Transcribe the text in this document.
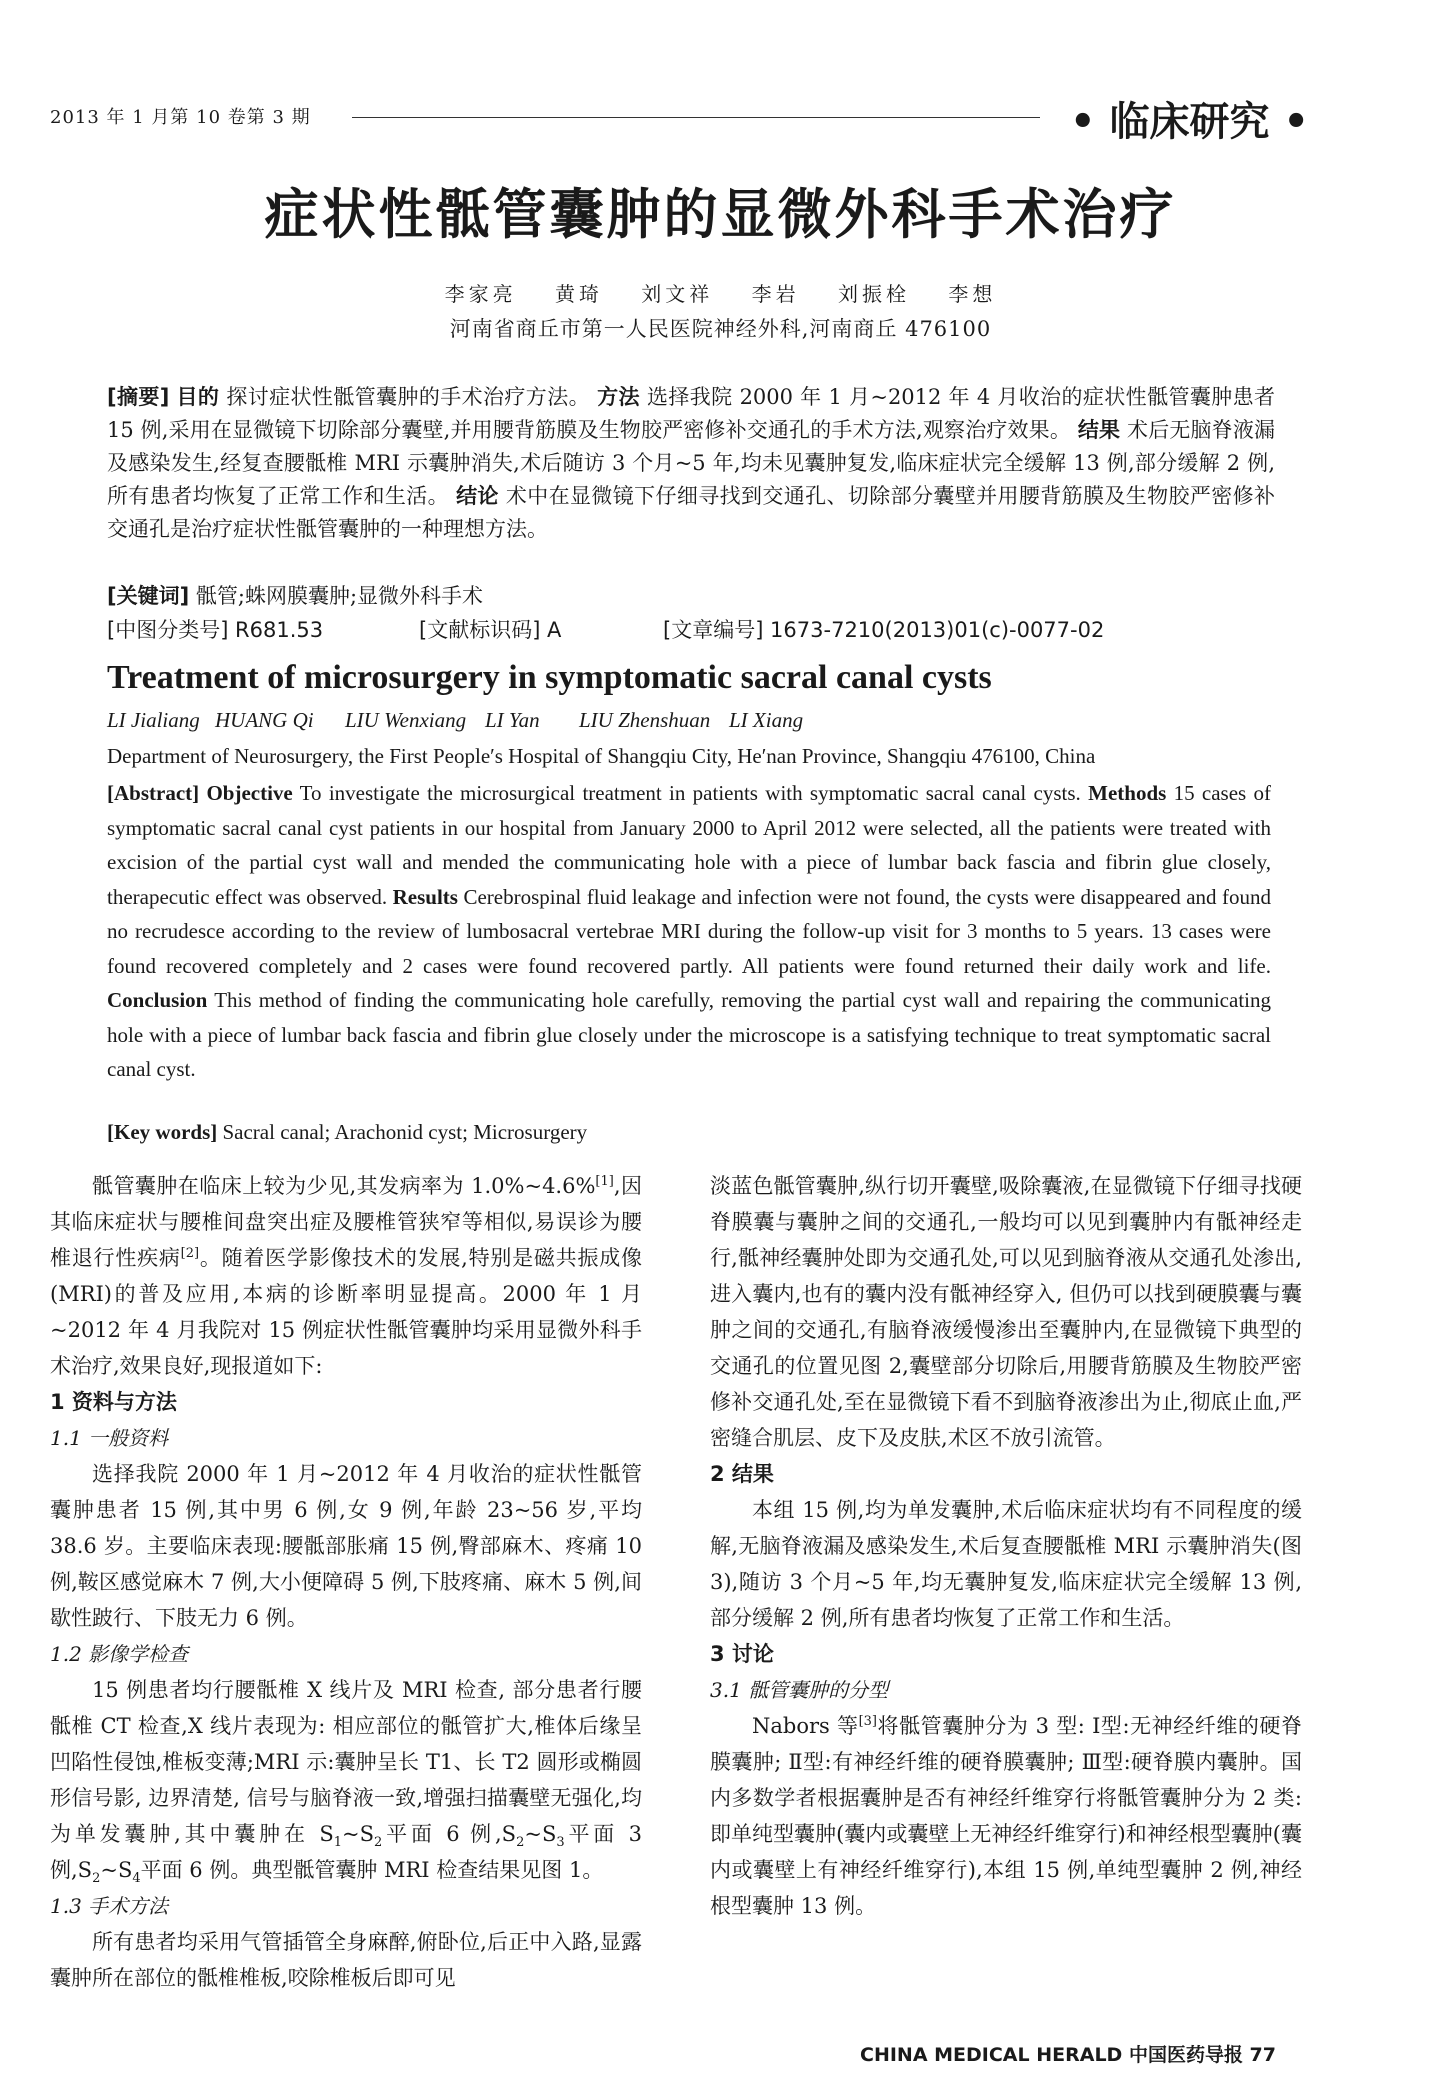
2013 年 1 月第 10 卷第 3 期	• 临床研究 •
症状性骶管囊肿的显微外科手术治疗
李家亮 黄琦 刘文祥 李岩 刘振栓 李想
河南省商丘市第一人民医院神经外科,河南商丘 476100
[摘要] 目的 探讨症状性骶管囊肿的手术治疗方法。 方法 选择我院 2000 年 1 月~2012 年 4 月收治的症状性骶管囊肿患者 15 例,采用在显微镜下切除部分囊壁,并用腰背筋膜及生物胶严密修补交通孔的手术方法,观察治疗效果。 结果 术后无脑脊液漏及感染发生,经复查腰骶椎 MRI 示囊肿消失,术后随访 3 个月~5 年,均未见囊肿复发,临床症状完全缓解 13 例,部分缓解 2 例,所有患者均恢复了正常工作和生活。 结论 术中在显微镜下仔细寻找到交通孔、切除部分囊壁并用腰背筋膜及生物胶严密修补交通孔是治疗症状性骶管囊肿的一种理想方法。
[关键词] 骶管;蛛网膜囊肿;显微外科手术
[中图分类号] R681.53	[文献标识码] A	[文章编号] 1673-7210(2013)01(c)-0077-02
Treatment of microsurgery in symptomatic sacral canal cysts
LI Jialiang HUANG Qi LIU Wenxiang LI Yan LIU Zhenshuan LI Xiang
Department of Neurosurgery, the First People′s Hospital of Shangqiu City, He′nan Province, Shangqiu 476100, China
[Abstract] Objective To investigate the microsurgical treatment in patients with symptomatic sacral canal cysts. Methods 15 cases of symptomatic sacral canal cyst patients in our hospital from January 2000 to April 2012 were selected, all the patients were treated with excision of the partial cyst wall and mended the communicating hole with a piece of lumbar back fascia and fibrin glue closely, therapecutic effect was observed. Results Cerebrospinal fluid leakage and infection were not found, the cysts were disappeared and found no recrudesce according to the review of lumbosacral vertebrae MRI during the follow-up visit for 3 months to 5 years. 13 cases were found recovered completely and 2 cases were found recovered partly. All patients were found returned their daily work and life. Conclusion This method of finding the communicating hole carefully, removing the partial cyst wall and repairing the communicating hole with a piece of lumbar back fascia and fibrin glue closely under the microscope is a satisfying technique to treat symptomatic sacral canal cyst.
[Key words] Sacral canal; Arachonid cyst; Microsurgery

骶管囊肿在临床上较为少见,其发病率为 1.0%~4.6%[1],因其临床症状与腰椎间盘突出症及腰椎管狭窄等相似,易误诊为腰椎退行性疾病[2]。随着医学影像技术的发展,特别是磁共振成像(MRI)的普及应用,本病的诊断率明显提高。2000 年 1 月~2012 年 4 月我院对 15 例症状性骶管囊肿均采用显微外科手术治疗,效果良好,现报道如下:

1 资料与方法
1.1 一般资料

选择我院 2000 年 1 月~2012 年 4 月收治的症状性骶管囊肿患者 15 例,其中男 6 例,女 9 例,年龄 23~56 岁,平均 38.6 岁。主要临床表现:腰骶部胀痛 15 例,臀部麻木、疼痛 10 例,鞍区感觉麻木 7 例,大小便障碍 5 例,下肢疼痛、麻木 5 例,间歇性跛行、下肢无力 6 例。

1.2 影像学检查

15 例患者均行腰骶椎 X 线片及 MRI 检查, 部分患者行腰骶椎 CT 检查,X 线片表现为: 相应部位的骶管扩大,椎体后缘呈凹陷性侵蚀,椎板变薄;MRI 示:囊肿呈长 T1、长 T2 圆形或椭圆形信号影, 边界清楚, 信号与脑脊液一致,增强扫描囊壁无强化,均为单发囊肿,其中囊肿在 $S_1\sim S_2$平面 6 例$,S_2\sim S_3$平面 3 例$,S_2\sim S_4$平面 6 例。典型骶管囊肿 MRI 检查结果见图 1。

1.3 手术方法

所有患者均采用气管插管全身麻醉,俯卧位,后正中入路,显露囊肿所在部位的骶椎椎板,咬除椎板后即可见

淡蓝色骶管囊肿,纵行切开囊壁,吸除囊液,在显微镜下仔细寻找硬脊膜囊与囊肿之间的交通孔,一般均可以见到囊肿内有骶神经走行,骶神经囊肿处即为交通孔处,可以见到脑脊液从交通孔处渗出,进入囊内,也有的囊内没有骶神经穿入, 但仍可以找到硬膜囊与囊肿之间的交通孔,有脑脊液缓慢渗出至囊肿内,在显微镜下典型的交通孔的位置见图 2,囊壁部分切除后,用腰背筋膜及生物胶严密修补交通孔处,至在显微镜下看不到脑脊液渗出为止,彻底止血,严密缝合肌层、皮下及皮肤,术区不放引流管。

2 结果

本组 15 例,均为单发囊肿,术后临床症状均有不同程度的缓解,无脑脊液漏及感染发生,术后复查腰骶椎 MRI 示囊肿消失(图 3),随访 3 个月~5 年,均无囊肿复发,临床症状完全缓解 13 例,部分缓解 2 例,所有患者均恢复了正常工作和生活。

3 讨论
3.1 骶管囊肿的分型

Nabors 等[3]将骶管囊肿分为 3 型: Ⅰ型:无神经纤维的硬脊膜囊肿; Ⅱ型:有神经纤维的硬脊膜囊肿; Ⅲ型:硬脊膜内囊肿。国内多数学者根据囊肿是否有神经纤维穿行将骶管囊肿分为 2 类:即单纯型囊肿(囊内或囊壁上无神经纤维穿行)和神经根型囊肿(囊内或囊壁上有神经纤维穿行),本组 15 例,单纯型囊肿 2 例,神经根型囊肿 13 例。

CHINA MEDICAL HERALD 中国医药导报 77
